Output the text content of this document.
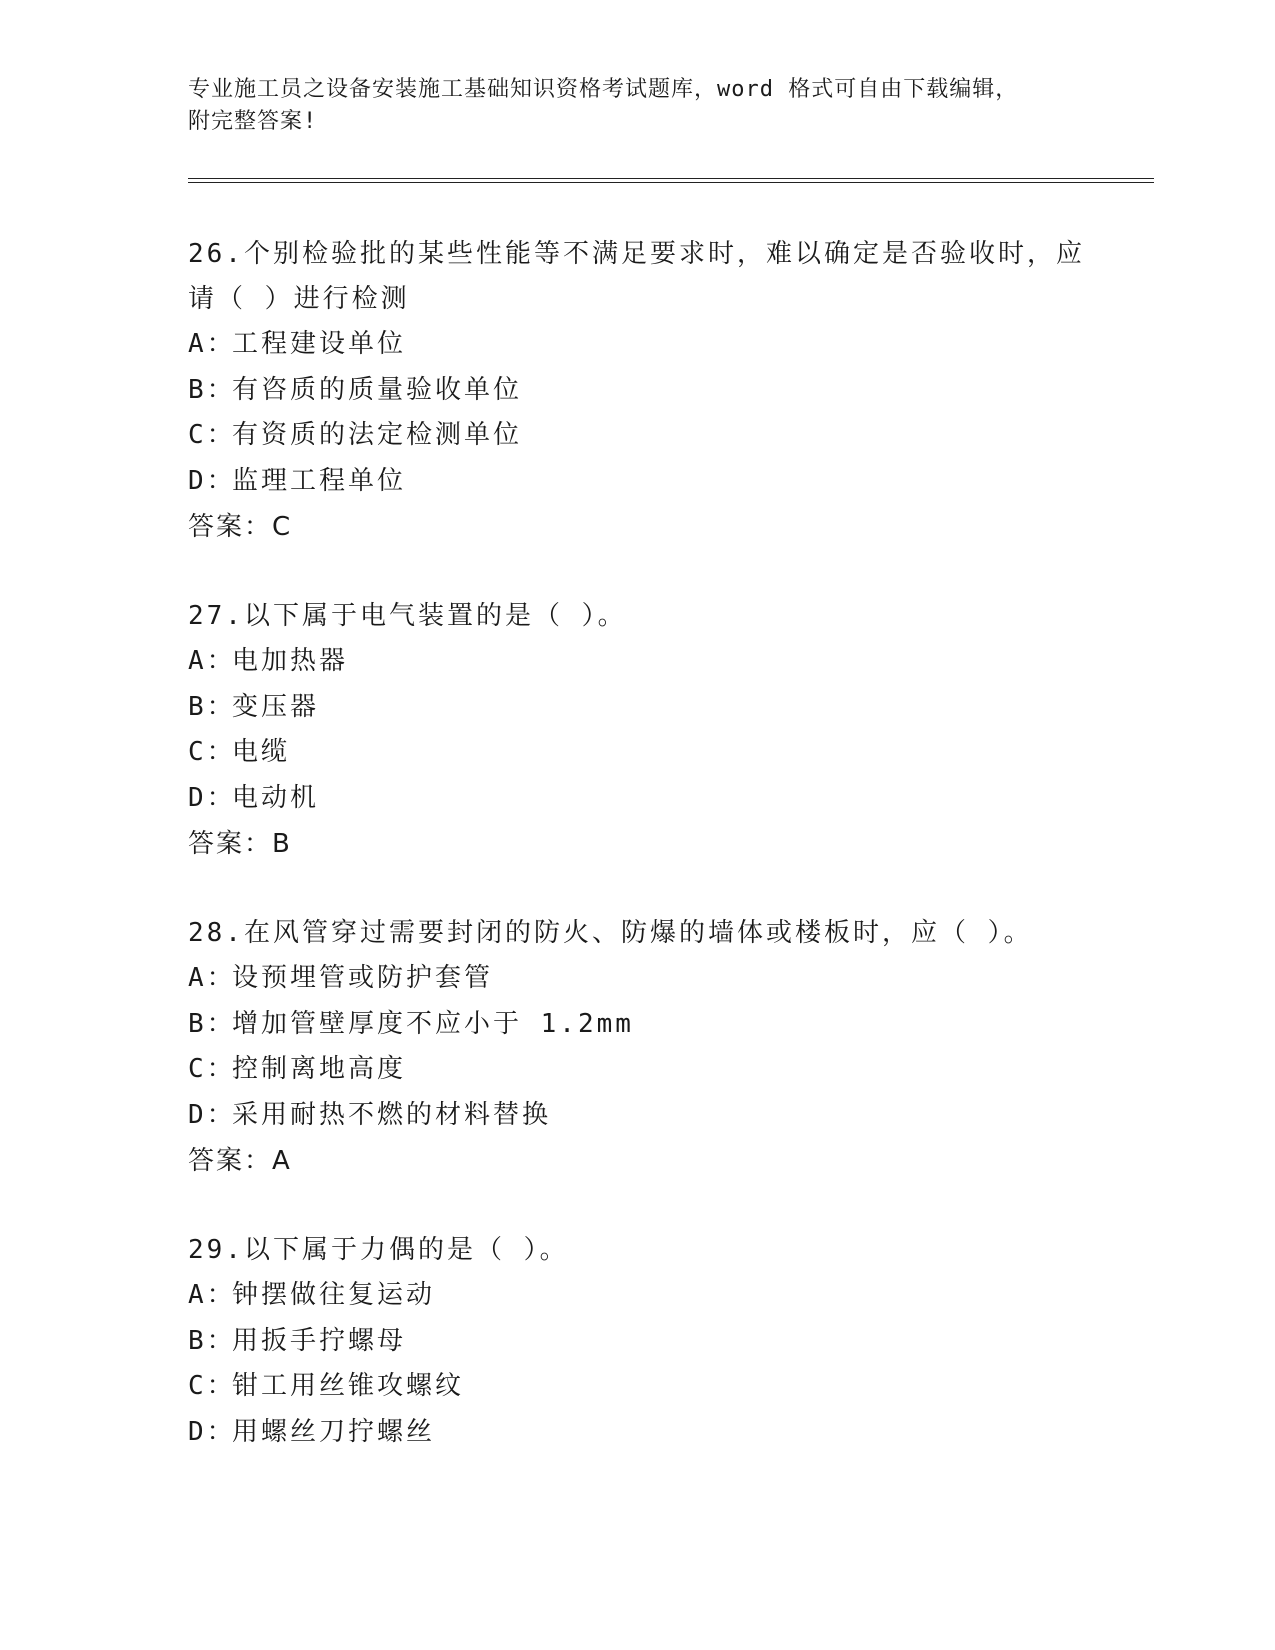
专业施工员之设备安装施工基础知识资格考试题库，word 格式可自由下载编辑，
附完整答案!
26.个别检验批的某些性能等不满足要求时，难以确定是否验收时，应
请（ ）进行检测
A：工程建设单位
B：有咨质的质量验收单位
C：有资质的法定检测单位
D：监理工程单位
答案：C
27.以下属于电气装置的是（ ）。
A：电加热器
B：变压器
C：电缆
D：电动机
答案：B
28.在风管穿过需要封闭的防火、防爆的墙体或楼板时，应（ ）。
A：设预埋管或防护套管
B：增加管壁厚度不应小于 1.2mm
C：控制离地高度
D：采用耐热不燃的材料替换
答案：A
29.以下属于力偶的是（ ）。
A：钟摆做往复运动
B：用扳手拧螺母
C：钳工用丝锥攻螺纹
D：用螺丝刀拧螺丝
